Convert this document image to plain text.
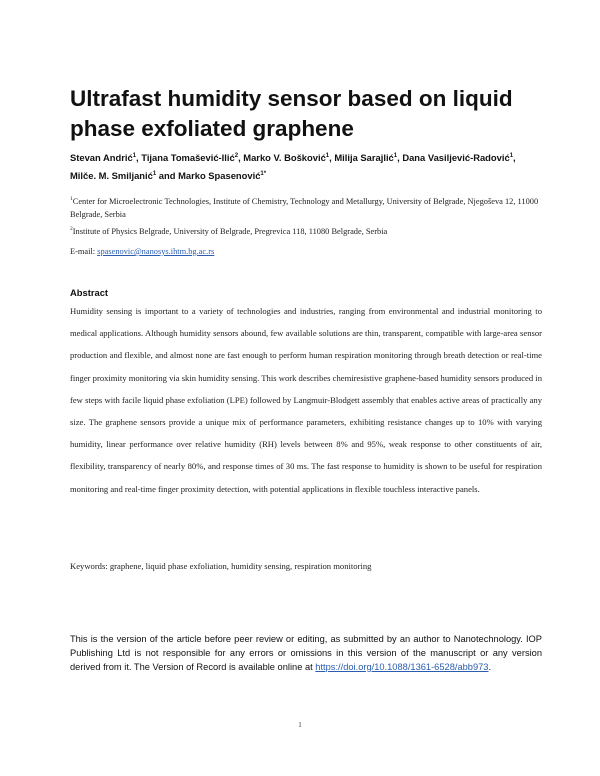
Ultrafast humidity sensor based on liquid phase exfoliated graphene
Stevan Andrić$^1$, Tijana Tomašević-Ilić$^2$, Marko V. Bošković$^1$, Milija Sarajlić$^1$, Dana Vasiljević-Radović$^1$,
Milče. M. Smiljanić$^1$ and Marko Spasenović$^{1*}$
$^1$Center for Microelectronic Technologies, Institute of Chemistry, Technology and Metallurgy, University of Belgrade, Njegoševa 12, 11000 Belgrade, Serbia
$^2$Institute of Physics Belgrade, University of Belgrade, Pregrevica 118, 11080 Belgrade, Serbia
E-mail: spasenovic@nanosys.ihtm.bg.ac.rs
Abstract

Humidity sensing is important to a variety of technologies and industries, ranging from environmental and industrial monitoring to medical applications. Although humidity sensors abound, few available solutions are thin, transparent, compatible with large-area sensor production and flexible, and almost none are fast enough to perform human respiration monitoring through breath detection or real-time finger proximity monitoring via skin humidity sensing. This work describes chemiresistive graphene-based humidity sensors produced in few steps with facile liquid phase exfoliation (LPE) followed by Langmuir-Blodgett assembly that enables active areas of practically any size. The graphene sensors provide a unique mix of performance parameters, exhibiting resistance changes up to 10% with varying humidity, linear performance over relative humidity (RH) levels between 8% and 95%, weak response to other constituents of air, flexibility, transparency of nearly 80%, and response times of 30 ms. The fast response to humidity is shown to be useful for respiration monitoring and real-time finger proximity detection, with potential applications in flexible touchless interactive panels.

Keywords: graphene, liquid phase exfoliation, humidity sensing, respiration monitoring

This is the version of the article before peer review or editing, as submitted by an author to Nanotechnology. IOP Publishing Ltd is not responsible for any errors or omissions in this version of the manuscript or any version derived from it. The Version of Record is available online at https://doi.org/10.1088/1361-6528/abb973.

1
